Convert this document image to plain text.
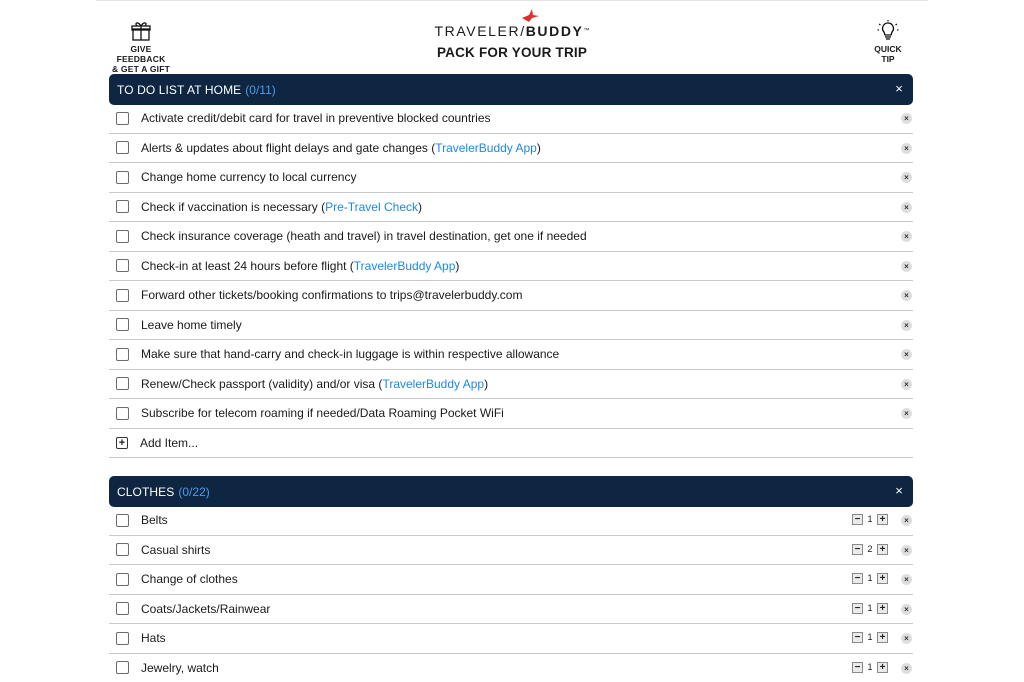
GIVE FEEDBACK
& GET A GIFT
TRAVELER/BUDDY™
PACK FOR YOUR TRIP	QUICK
TIP
TO DO LIST AT HOME (0/11)	×
Activate credit/debit card for travel in preventive blocked countries	×
Alerts & updates about flight delays and gate changes (TravelerBuddy App)	×
Change home currency to local currency	×
Check if vaccination is necessary (Pre-Travel Check)	×
Check insurance coverage (heath and travel) in travel destination, get one if needed	×
Check-in at least 24 hours before flight (TravelerBuddy App)	×
Forward other tickets/booking confirmations to trips@travelerbuddy.com	×
Leave home timely	×
Make sure that hand-carry and check-in luggage is within respective allowance	×
Renew/Check passport (validity) and/or visa (TravelerBuddy App)	×
Subscribe for telecom roaming if needed/Data Roaming Pocket WiFi	×
+ Add Item...
CLOTHES (0/22)	×
Belts	− 1 +	×
Casual shirts	− 2 +	×
Change of clothes	− 1 +	×
Coats/Jackets/Rainwear	− 1 +	×
Hats	− 1 +	×
Jewelry, watch	− 1 +	×
